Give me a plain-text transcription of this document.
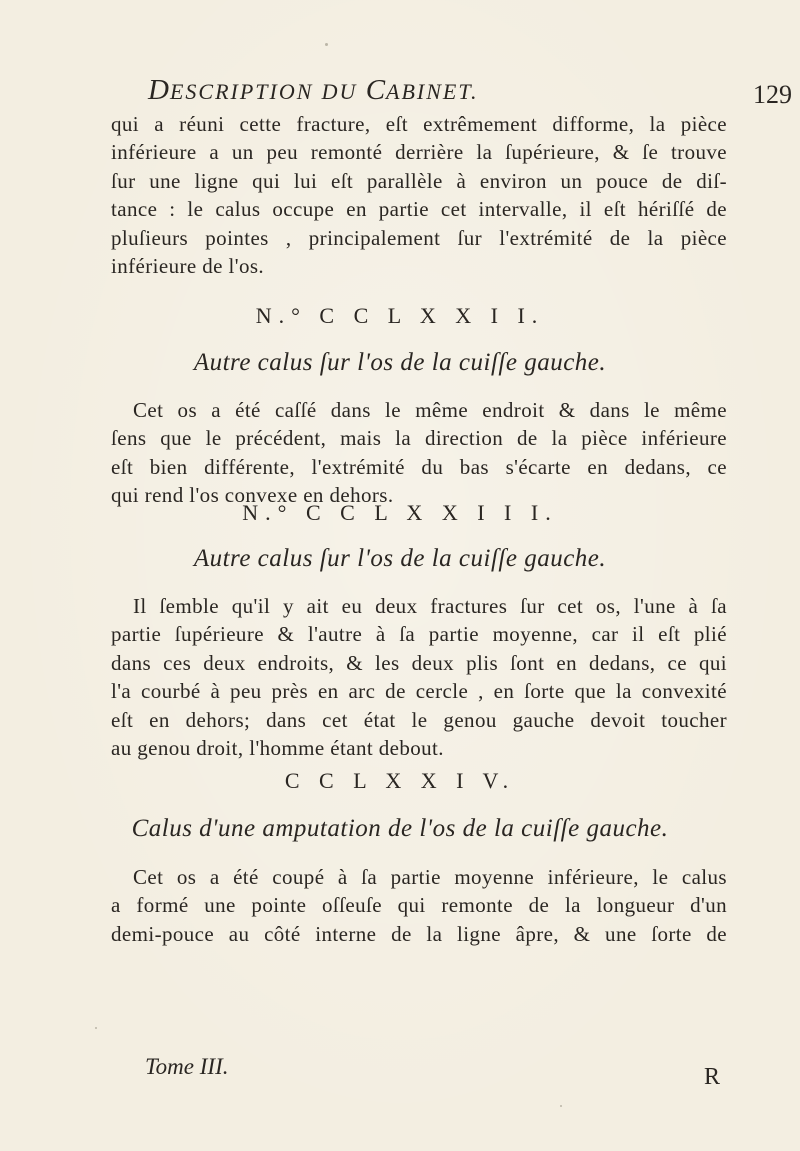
DESCRIPTION DU CABINET.	129

qui a réuni cette fracture, eſt extrêmement difforme, la pièce
inférieure a un peu remonté derrière la ſupérieure, & ſe trouve
ſur une ligne qui lui eſt parallèle à environ un pouce de diſ-
tance : le calus occupe en partie cet intervalle, il eſt hériſſé de
pluſieurs pointes , principalement ſur l'extrémité de la pièce
inférieure de l'os.

N.° C C L X X I I.
Autre calus ſur l'os de la cuiſſe gauche.

Cet os a été caſſé dans le même endroit & dans le même
ſens que le précédent, mais la direction de la pièce inférieure
eſt bien différente, l'extrémité du bas s'écarte en dedans, ce
qui rend l'os convexe en dehors.

N.° C C L X X I I I.
Autre calus ſur l'os de la cuiſſe gauche.

Il ſemble qu'il y ait eu deux fractures ſur cet os, l'une à ſa
partie ſupérieure & l'autre à ſa partie moyenne, car il eſt plié
dans ces deux endroits, & les deux plis ſont en dedans, ce qui
l'a courbé à peu près en arc de cercle , en ſorte que la convexité
eſt en dehors; dans cet état le genou gauche devoit toucher
au genou droit, l'homme étant debout.

C C L X X I V.
Calus d'une amputation de l'os de la cuiſſe gauche.

Cet os a été coupé à ſa partie moyenne inférieure, le calus
a formé une pointe oſſeuſe qui remonte de la longueur d'un
demi-pouce au côté interne de la ligne âpre, & une ſorte de

Tome III.	R
